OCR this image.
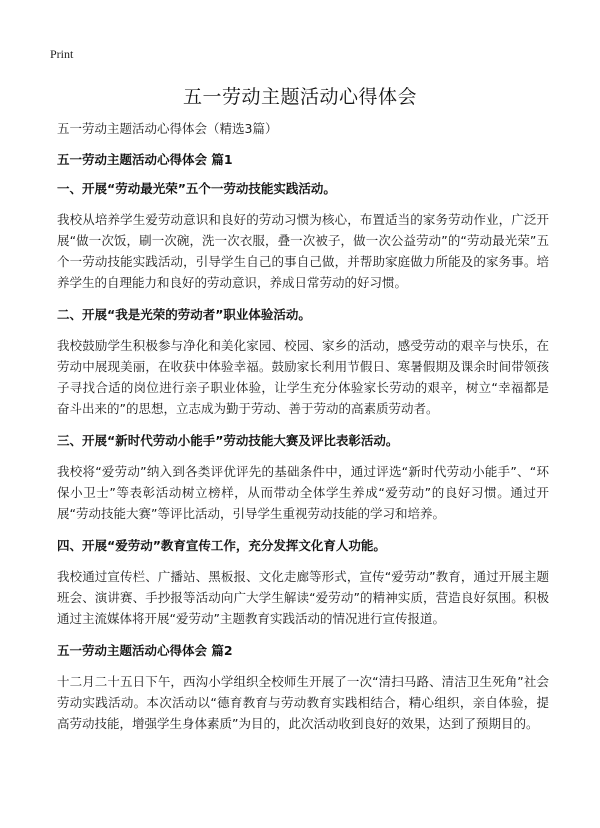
Print
五一劳动主题活动心得体会

五一劳动主题活动心得体会（精选3篇）

五一劳动主题活动心得体会 篇1

一、开展“劳动最光荣”五个一劳动技能实践活动。

我校从培养学生爱劳动意识和良好的劳动习惯为核心，布置适当的家务劳动作业，广泛开展“做一次饭，刷一次碗，洗一次衣服，叠一次被子，做一次公益劳动”的“劳动最光荣”五个一劳动技能实践活动，引导学生自己的事自己做，并帮助家庭做力所能及的家务事。培养学生的自理能力和良好的劳动意识，养成日常劳动的好习惯。

二、开展“我是光荣的劳动者”职业体验活动。

我校鼓励学生积极参与净化和美化家园、校园、家乡的活动，感受劳动的艰辛与快乐，在劳动中展现美丽，在收获中体验幸福。鼓励家长利用节假日、寒暑假期及课余时间带领孩子寻找合适的岗位进行亲子职业体验，让学生充分体验家长劳动的艰辛，树立“幸福都是奋斗出来的”的思想，立志成为勤于劳动、善于劳动的高素质劳动者。

三、开展“新时代劳动小能手”劳动技能大赛及评比表彰活动。

我校将“爱劳动”纳入到各类评优评先的基础条件中，通过评选“新时代劳动小能手”、“环保小卫士”等表彰活动树立榜样，从而带动全体学生养成“爱劳动”的良好习惯。通过开展“劳动技能大赛”等评比活动，引导学生重视劳动技能的学习和培养。

四、开展“爱劳动”教育宣传工作，充分发挥文化育人功能。

我校通过宣传栏、广播站、黑板报、文化走廊等形式，宣传“爱劳动”教育，通过开展主题班会、演讲赛、手抄报等活动向广大学生解读“爱劳动”的精神实质，营造良好氛围。积极通过主流媒体将开展“爱劳动”主题教育实践活动的情况进行宣传报道。

五一劳动主题活动心得体会 篇2

十二月二十五日下午，西沟小学组织全校师生开展了一次“清扫马路、清洁卫生死角”社会劳动实践活动。本次活动以“德育教育与劳动教育实践相结合，精心组织，亲自体验，提高劳动技能，增强学生身体素质”为目的，此次活动收到良好的效果，达到了预期目的。
